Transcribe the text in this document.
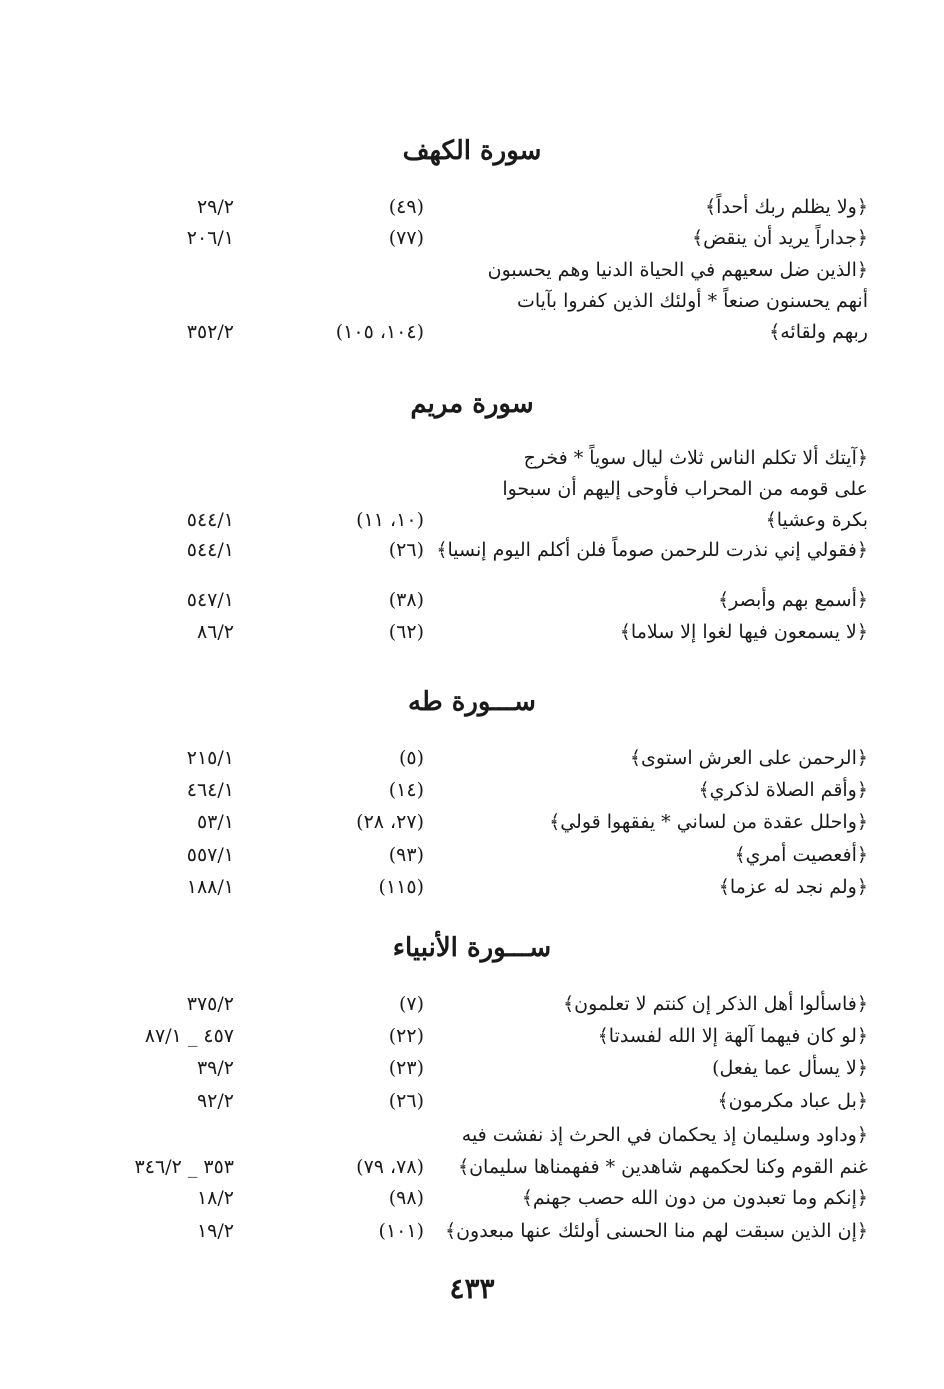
سورة الكهف
﴿ولا يظلم ربك أحداً﴾
(٤٩)
٢٩/٢
﴿جداراً يريد أن ينقض﴾
(٧٧)
٢٠٦/١
﴿الذين ضل سعيهم في الحياة الدنيا وهم يحسبون
أنهم يحسنون صنعاً * أولئك الذين كفروا بآيات
ربهم ولقائه﴾
(١٠٤، ١٠٥)
٣٥٢/٢
سورة مريم
﴿آيتك ألا تكلم الناس ثلاث ليال سوياً * فخرج
على قومه من المحراب فأوحى إليهم أن سبحوا
بكرة وعشيا﴾
(١٠، ١١)
٥٤٤/١
﴿فقولي إني نذرت للرحمن صوماً فلن أكلم اليوم إنسيا﴾
(٢٦)
٥٤٤/١
﴿أسمع بهم وأبصر﴾
(٣٨)
٥٤٧/١
﴿لا يسمعون فيها لغوا إلا سلاما﴾
(٦٢)
٨٦/٢
ســـورة طه
﴿الرحمن على العرش استوى﴾
(٥)
٢١٥/١
﴿وأقم الصلاة لذكري﴾
(١٤)
٤٦٤/١
﴿واحلل عقدة من لساني * يفقهوا قولي﴾
(٢٧، ٢٨)
٥٣/١
﴿أفعصيت أمري﴾
(٩٣)
٥٥٧/١
﴿ولم نجد له عزما﴾
(١١٥)
١٨٨/١
ســـورة الأنبياء
﴿فاسألوا أهل الذكر إن كنتم لا تعلمون﴾
(٧)
٣٧٥/٢
﴿لو كان فيهما آلهة إلا الله لفسدتا﴾
(٢٢)
٤٥٧ _ ٨٧/١
﴿لا يسأل عما يفعل)
(٢٣)
٣٩/٢
﴿بل عباد مكرمون﴾
(٢٦)
٩٢/٢
﴿وداود وسليمان إذ يحكمان في الحرث إذ نفشت فيه
غنم القوم وكنا لحكمهم شاهدين * ففهمناها سليمان﴾
(٧٨، ٧٩)
٣٥٣ _ ٣٤٦/٢
﴿إنكم وما تعبدون من دون الله حصب جهنم﴾
(٩٨)
١٨/٢
﴿إن الذين سبقت لهم منا الحسنى أولئك عنها مبعدون﴾
(١٠١)
١٩/٢
٤٣٣
